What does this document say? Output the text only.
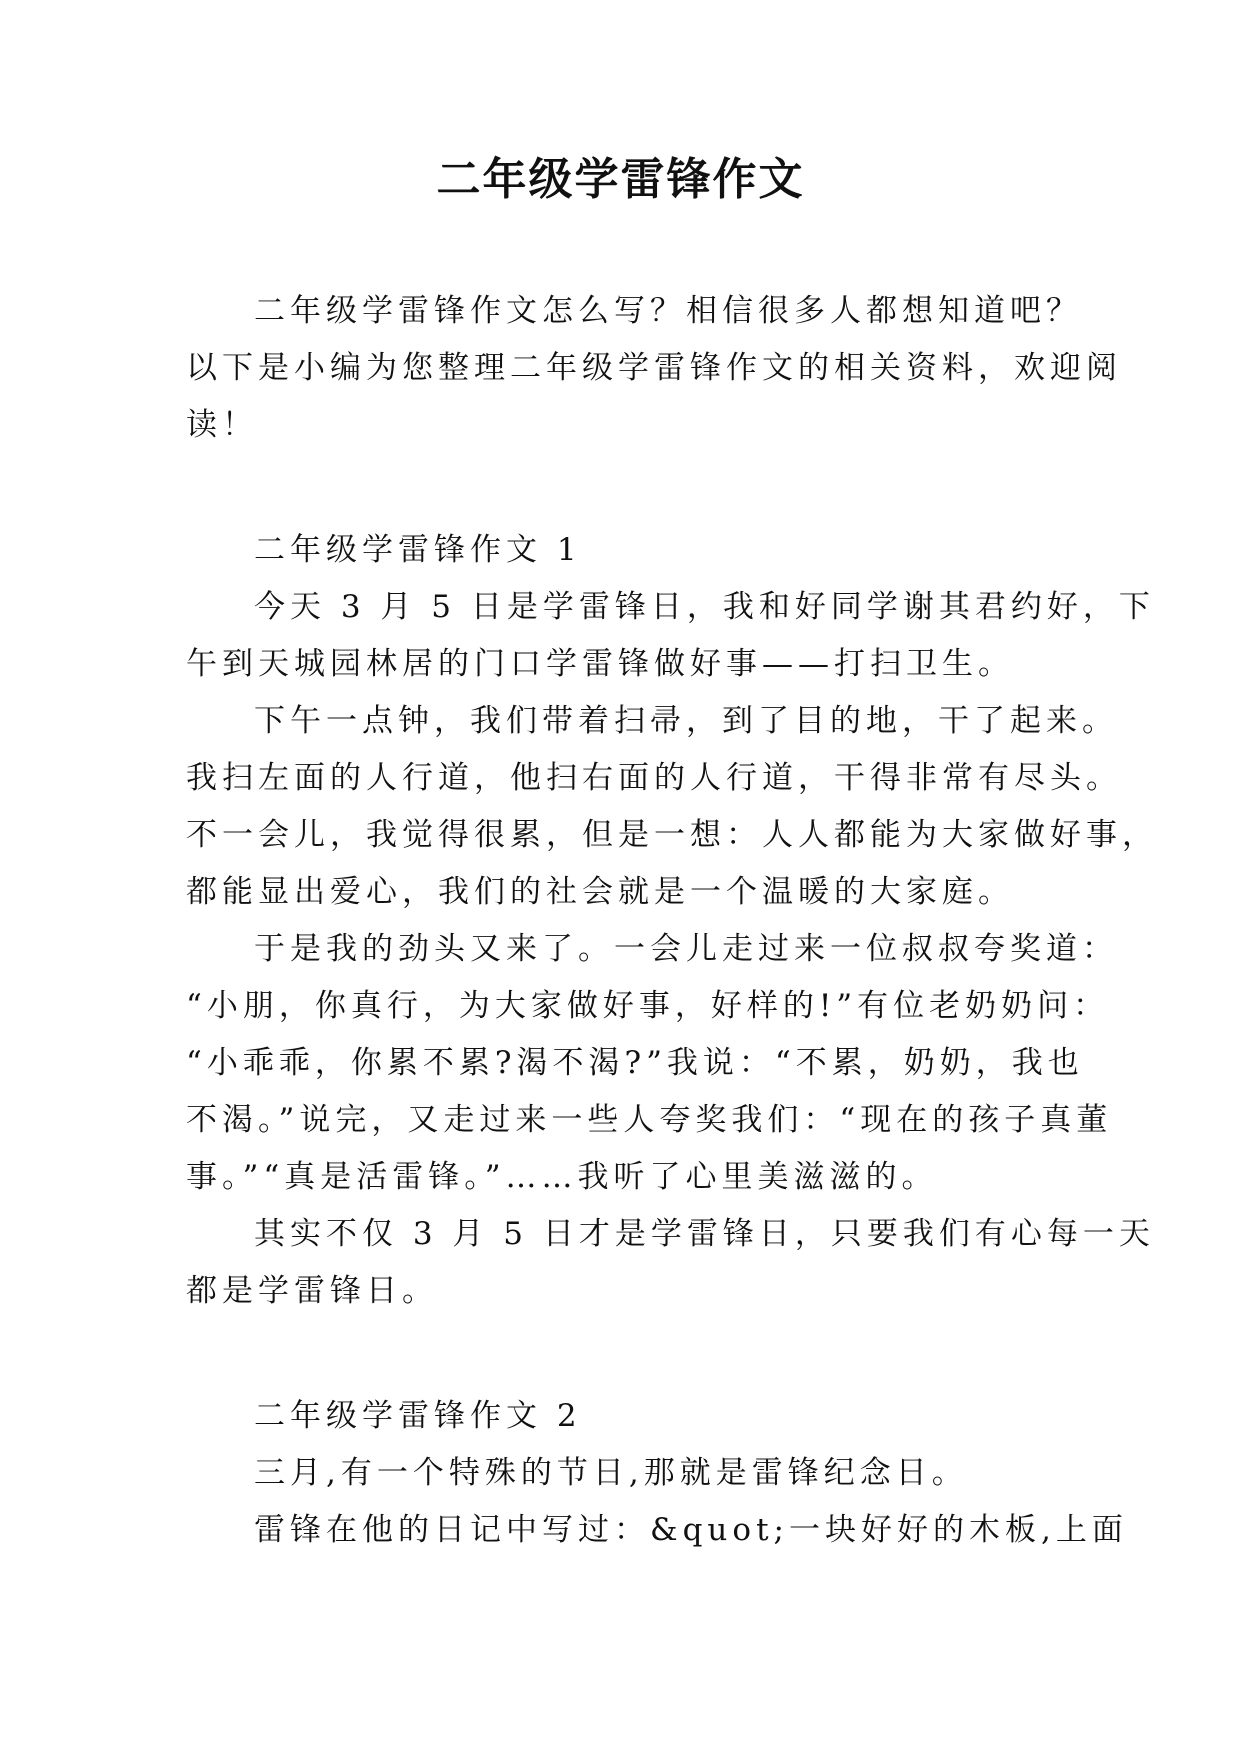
二年级学雷锋作文
二年级学雷锋作文怎么写？相信很多人都想知道吧？
以下是小编为您整理二年级学雷锋作文的相关资料，欢迎阅
读！
二年级学雷锋作文 1
今天 3 月 5 日是学雷锋日，我和好同学谢其君约好，下
午到天城园林居的门口学雷锋做好事——打扫卫生。
下午一点钟，我们带着扫帚，到了目的地，干了起来。
我扫左面的人行道，他扫右面的人行道，干得非常有尽头。
不一会儿，我觉得很累，但是一想：人人都能为大家做好事，
都能显出爱心，我们的社会就是一个温暖的大家庭。
于是我的劲头又来了。一会儿走过来一位叔叔夸奖道：
“小朋，你真行，为大家做好事，好样的!”有位老奶奶问：
“小乖乖，你累不累?渴不渴?”我说：“不累，奶奶，我也
不渴。”说完，又走过来一些人夸奖我们：“现在的孩子真董
事。”“真是活雷锋。”……我听了心里美滋滋的。
其实不仅 3 月 5 日才是学雷锋日，只要我们有心每一天
都是学雷锋日。
二年级学雷锋作文 2
三月,有一个特殊的节日,那就是雷锋纪念日。
雷锋在他的日记中写过：&quot;一块好好的木板,上面
